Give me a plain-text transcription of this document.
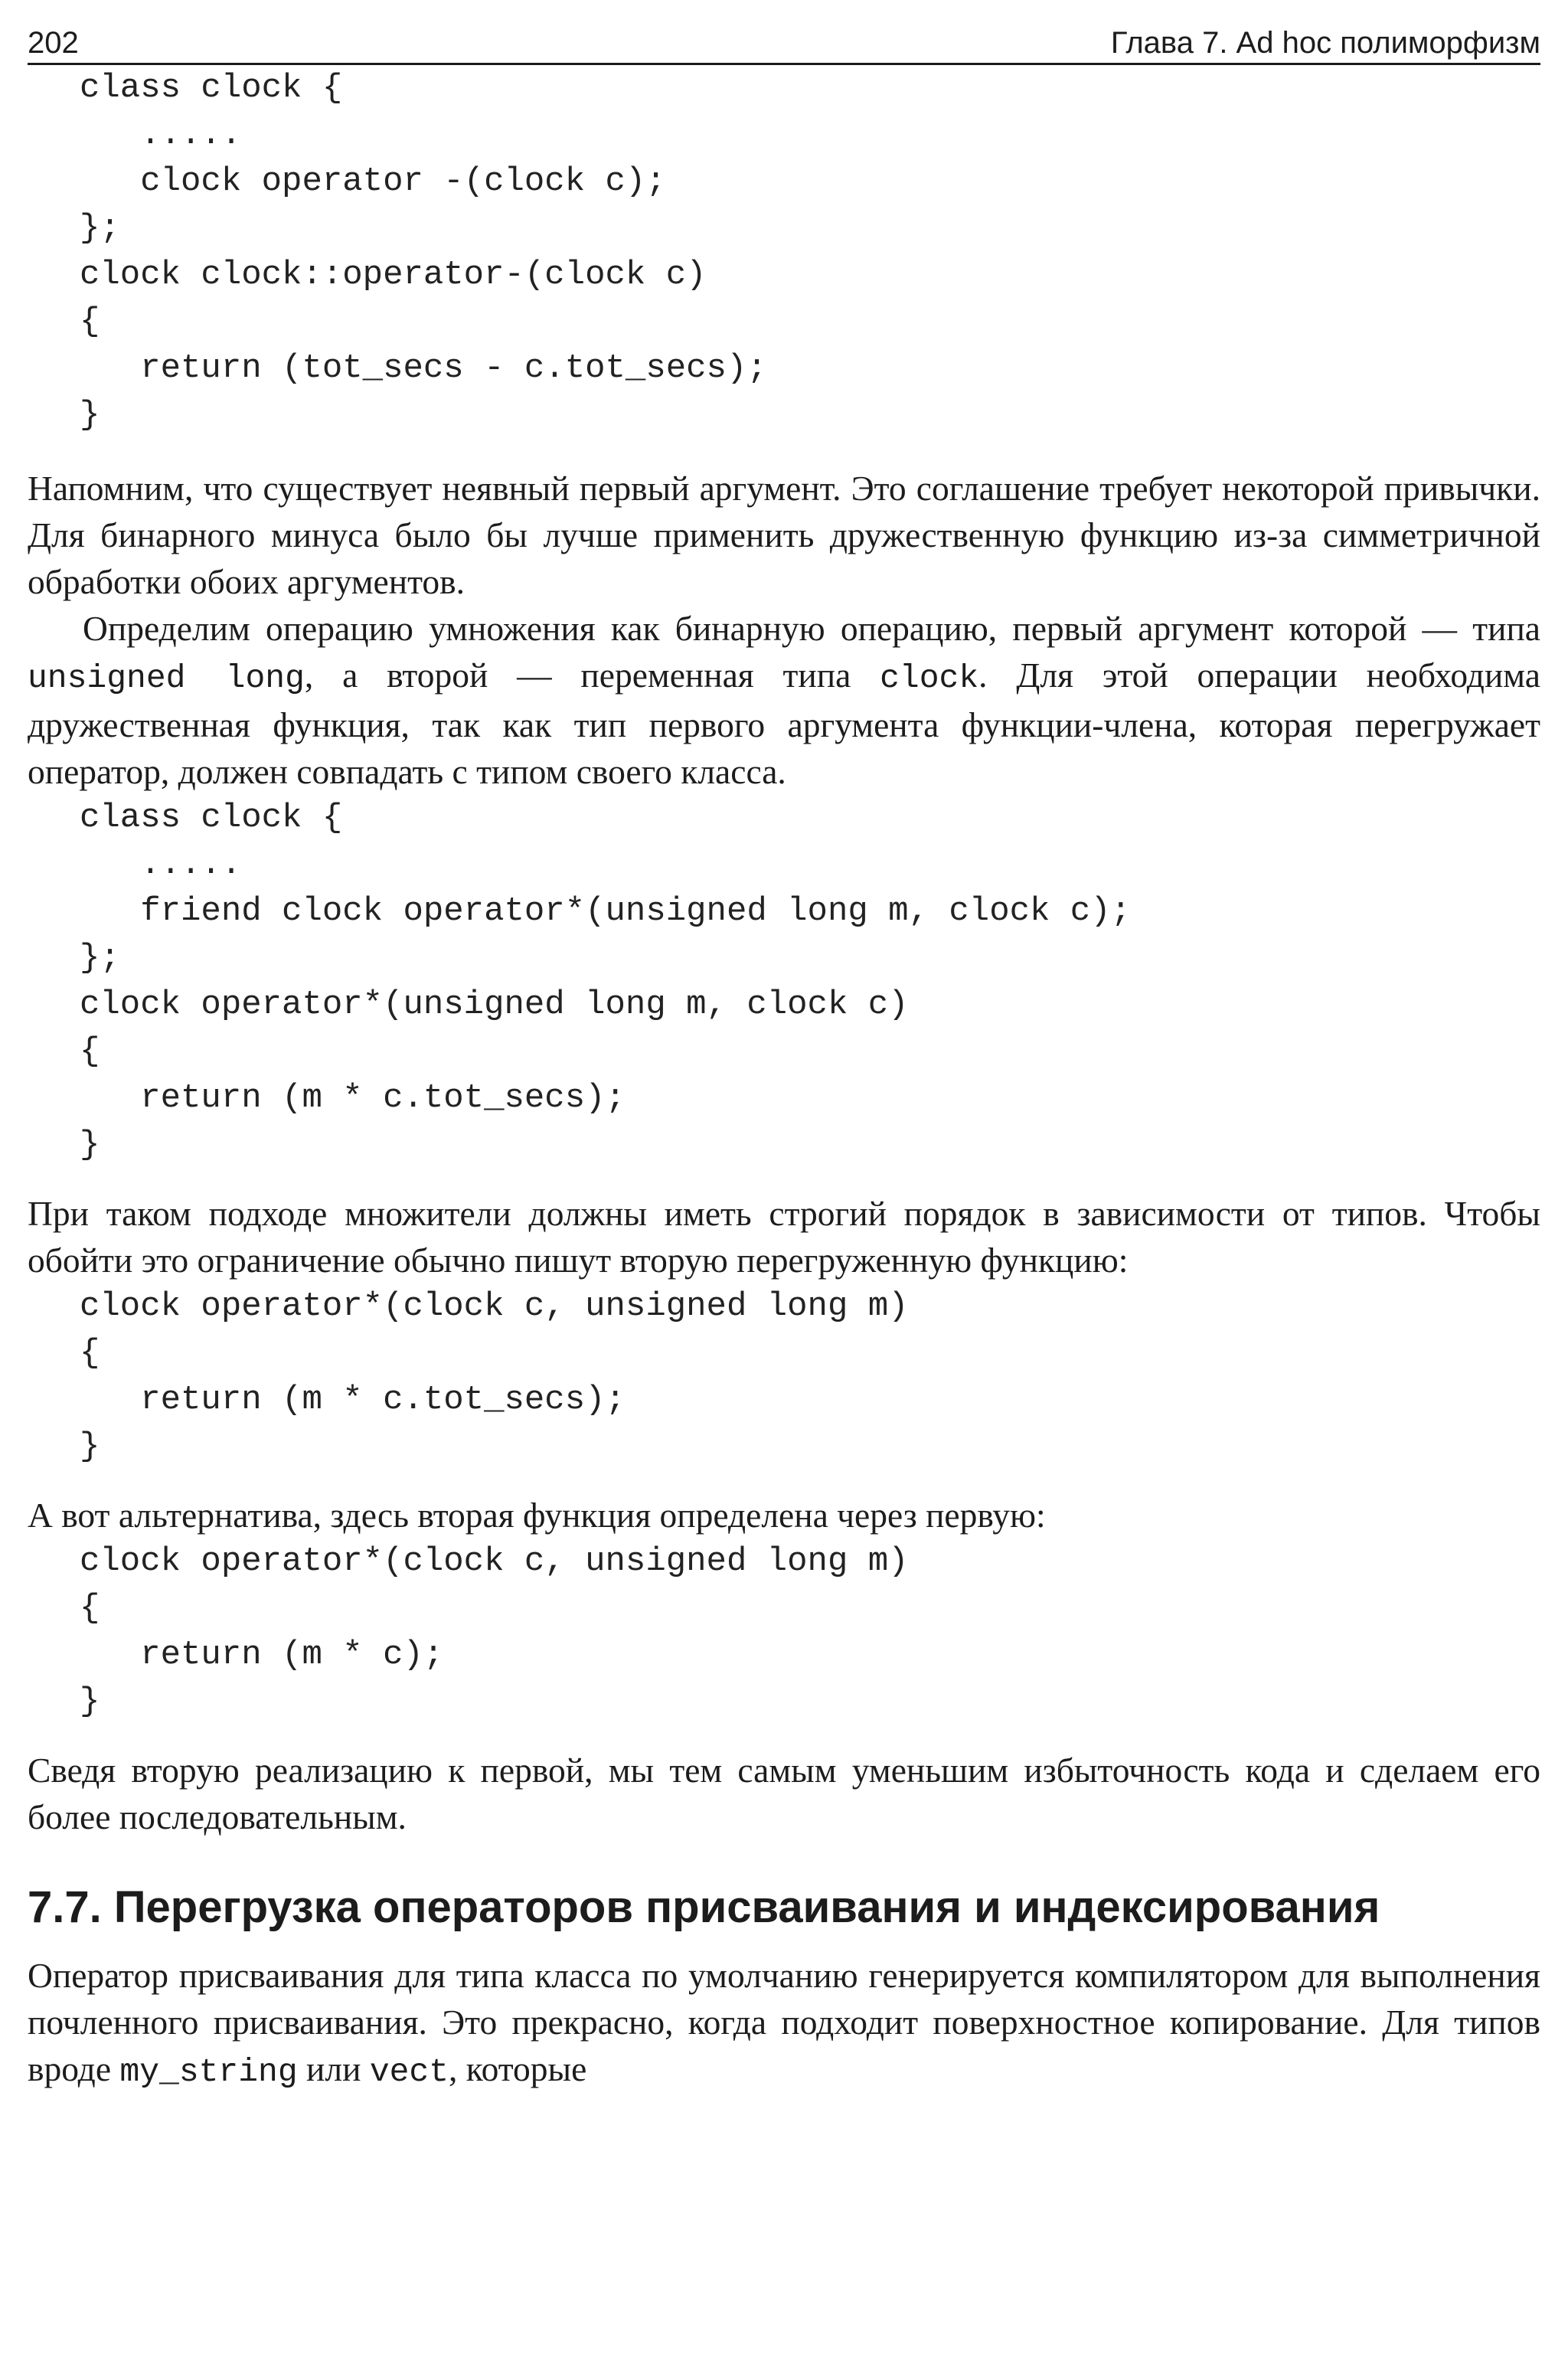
202	Глава 7. Ad hoc полиморфизм
class clock {
.....
clock operator -(clock c);
};
clock clock::operator-(clock c)
{
return (tot_secs - c.tot_secs);
}

Напомним, что существует неявный первый аргумент. Это соглашение требует некоторой привычки. Для бинарного минуса было бы лучше применить дружественную функцию из-за симметричной обработки обоих аргументов.

Определим операцию умножения как бинарную операцию, первый аргумент которой — типа unsigned long, а второй — переменная типа clock. Для этой операции необходима дружественная функция, так как тип первого аргумента функции-члена, которая перегружает оператор, должен совпадать с типом своего класса.

class clock {
.....
friend clock operator*(unsigned long m, clock c);
};
clock operator*(unsigned long m, clock c)
{
return (m * c.tot_secs);
}

При таком подходе множители должны иметь строгий порядок в зависимости от типов. Чтобы обойти это ограничение обычно пишут вторую перегруженную функцию:

clock operator*(clock c, unsigned long m)
{
return (m * c.tot_secs);
}

А вот альтернатива, здесь вторая функция определена через первую:

clock operator*(clock c, unsigned long m)
{
return (m * c);
}

Сведя вторую реализацию к первой, мы тем самым уменьшим избыточность кода и сделаем его более последовательным.

7.7. Перегрузка операторов присваивания и индексирования

Оператор присваивания для типа класса по умолчанию генерируется компилятором для выполнения почленного присваивания. Это прекрасно, когда подходит поверхностное копирование. Для типов вроде my_string или vect, которые
